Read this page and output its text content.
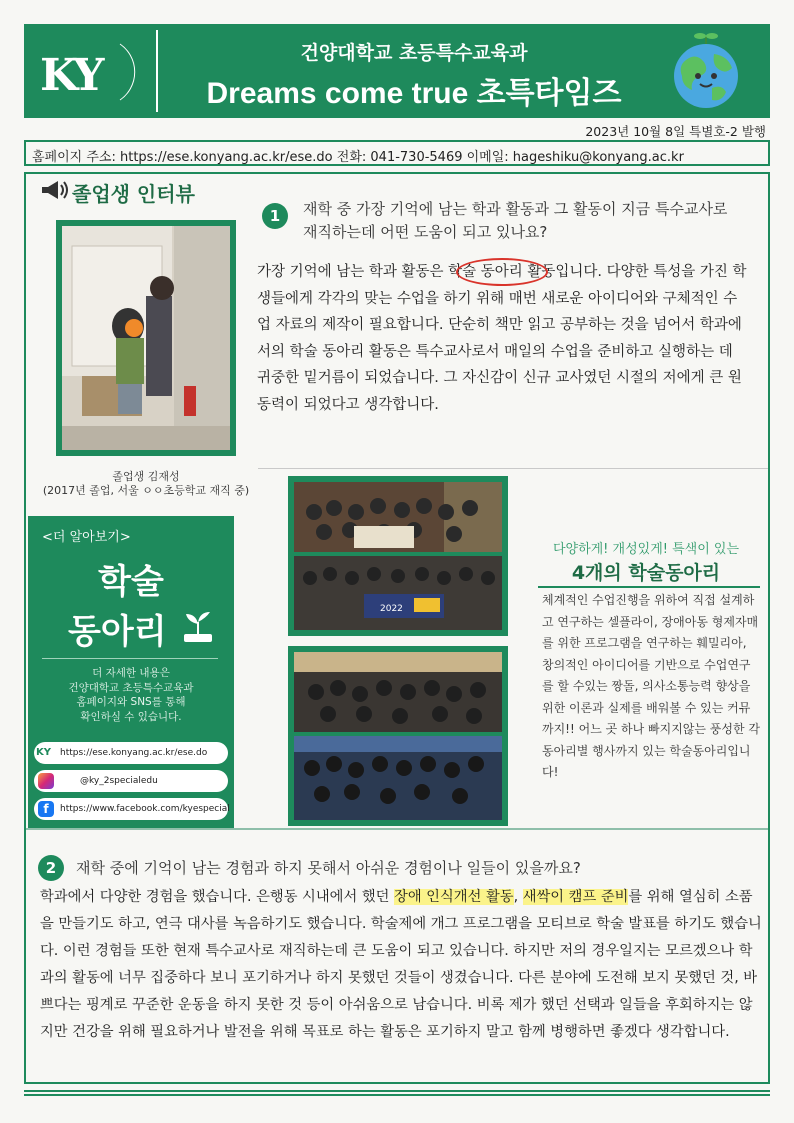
KY	건양대학교 초등특수교육과
Dreams come true 초특타임즈
2023년 10월 8일 특별호-2 발행
홈페이지 주소: https://ese.konyang.ac.kr/ese.do 전화: 041-730-5469 이메일: hageshiku@konyang.ac.kr
졸업생 인터뷰
졸업생 김재성
(2017년 졸업, 서울 ㅇㅇ초등학교 재직 중)
1	재학 중 가장 기억에 남는 학과 활동과 그 활동이 지금 특수교사로 재직하는데 어떤 도움이 되고 있나요?
가장 기억에 남는 학과 활동은 학술 동아리 활동입니다. 다양한 특성을 가진 학생들에게 각각의 맞는 수업을 하기 위해 매번 새로운 아이디어와 구체적인 수업 자료의 제작이 필요합니다. 단순히 책만 읽고 공부하는 것을 넘어서 학과에서의 학술 동아리 활동은 특수교사로서 매일의 수업을 준비하고 실행하는 데 귀중한 밑거름이 되었습니다. 그 자신감이 신규 교사였던 시절의 저에게 큰 원동력이 되었다고 생각합니다.
<더 알아보기>
학술
동아리
더 자세한 내용은
건양대학교 초등특수교육과
홈페이지와 SNS를 통해
확인하실 수 있습니다.
KY https://ese.konyang.ac.kr/ese.do
@ky_2specialedu
f	https://www.facebook.com/kyespecial
2022
다양하게! 개성있게! 특색이 있는
4개의 학술동아리
체계적인 수업진행을 위하여 직접 설계하고 연구하는 셀플라이, 장애아동 형제자매를 위한 프로그램을 연구하는 훼밀리아, 창의적인 아이디어를 기반으로 수업연구를 할 수있는 짱돌, 의사소통능력 향상을 위한 이론과 실제를 배워볼 수 있는 커뮤까지!! 어느 곳 하나 빠지지않는 풍성한 각 동아리별 행사까지 있는 학술동아리입니다!
2	재학 중에 기억이 남는 경험과 하지 못해서 아쉬운 경험이나 일들이 있을까요?
학과에서 다양한 경험을 했습니다. 은행동 시내에서 했던 장애 인식개선 활동, 새싹이 캠프 준비를 위해 열심히 소품을 만들기도 하고, 연극 대사를 녹음하기도 했습니다. 학술제에 개그 프로그램을 모티브로 학술 발표를 하기도 했습니다. 이런 경험들 또한 현재 특수교사로 재직하는데 큰 도움이 되고 있습니다. 하지만 저의 경우일지는 모르겠으나 학과의 활동에 너무 집중하다 보니 포기하거나 하지 못했던 것들이 생겼습니다. 다른 분야에 도전해 보지 못했던 것, 바쁘다는 핑계로 꾸준한 운동을 하지 못한 것 등이 아쉬움으로 남습니다. 비록 제가 했던 선택과 일들을 후회하지는 않지만 건강을 위해 필요하거나 발전을 위해 목표로 하는 활동은 포기하지 말고 함께 병행하면 좋겠다 생각합니다.
